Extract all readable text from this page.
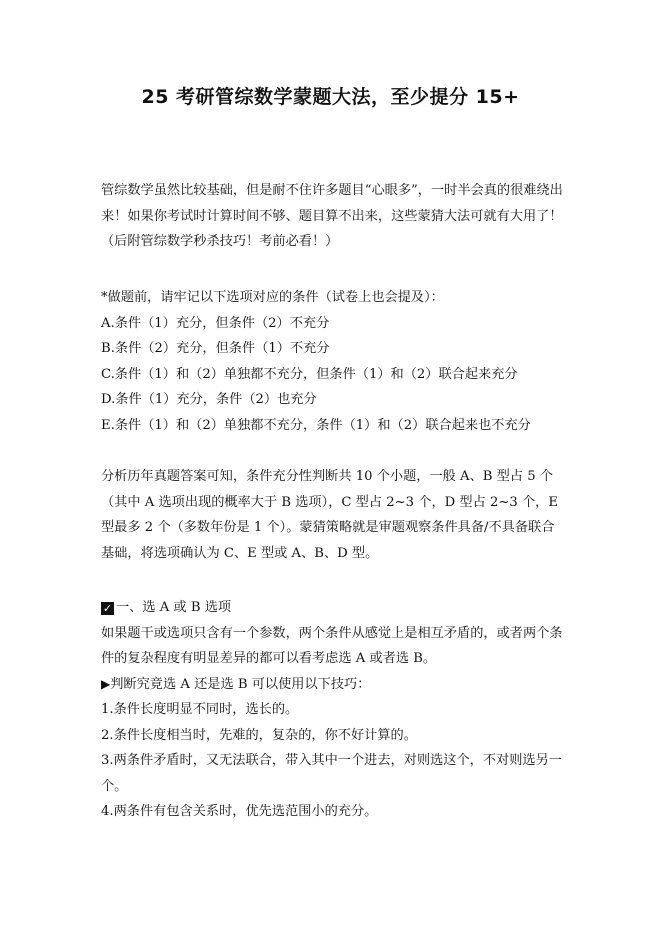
25 考研管综数学蒙题大法，至少提分 15+

管综数学虽然比较基础，但是耐不住许多题目“心眼多”，一时半会真的很难绕出来！如果你考试时计算时间不够、题目算不出来，这些蒙猜大法可就有大用了！（后附管综数学秒杀技巧！考前必看！）

*做题前，请牢记以下选项对应的条件（试卷上也会提及）：
A.条件（1）充分，但条件（2）不充分
B.条件（2）充分，但条件（1）不充分
C.条件（1）和（2）单独都不充分，但条件（1）和（2）联合起来充分
D.条件（1）充分，条件（2）也充分
E.条件（1）和（2）单独都不充分，条件（1）和（2）联合起来也不充分

分析历年真题答案可知，条件充分性判断共 10 个小题，一般 A、B 型占 5 个（其中 A 选项出现的概率大于 B 选项），C 型占 2~3 个，D 型占 2~3 个，E 型最多 2 个（多数年份是 1 个）。蒙猜策略就是审题观察条件具备/不具备联合基础，将选项确认为 C、E 型或 A、B、D 型。

✓ 一、选 A 或 B 选项

如果题干或选项只含有一个参数，两个条件从感觉上是相互矛盾的，或者两个条件的复杂程度有明显差异的都可以看考虑选 A 或者选 B。

▶判断究竟选 A 还是选 B 可以使用以下技巧：
1.条件长度明显不同时，选长的。
2.条件长度相当时，先难的，复杂的，你不好计算的。
3.两条件矛盾时，又无法联合，带入其中一个进去，对则选这个，不对则选另一个。
4.两条件有包含关系时，优先选范围小的充分。
